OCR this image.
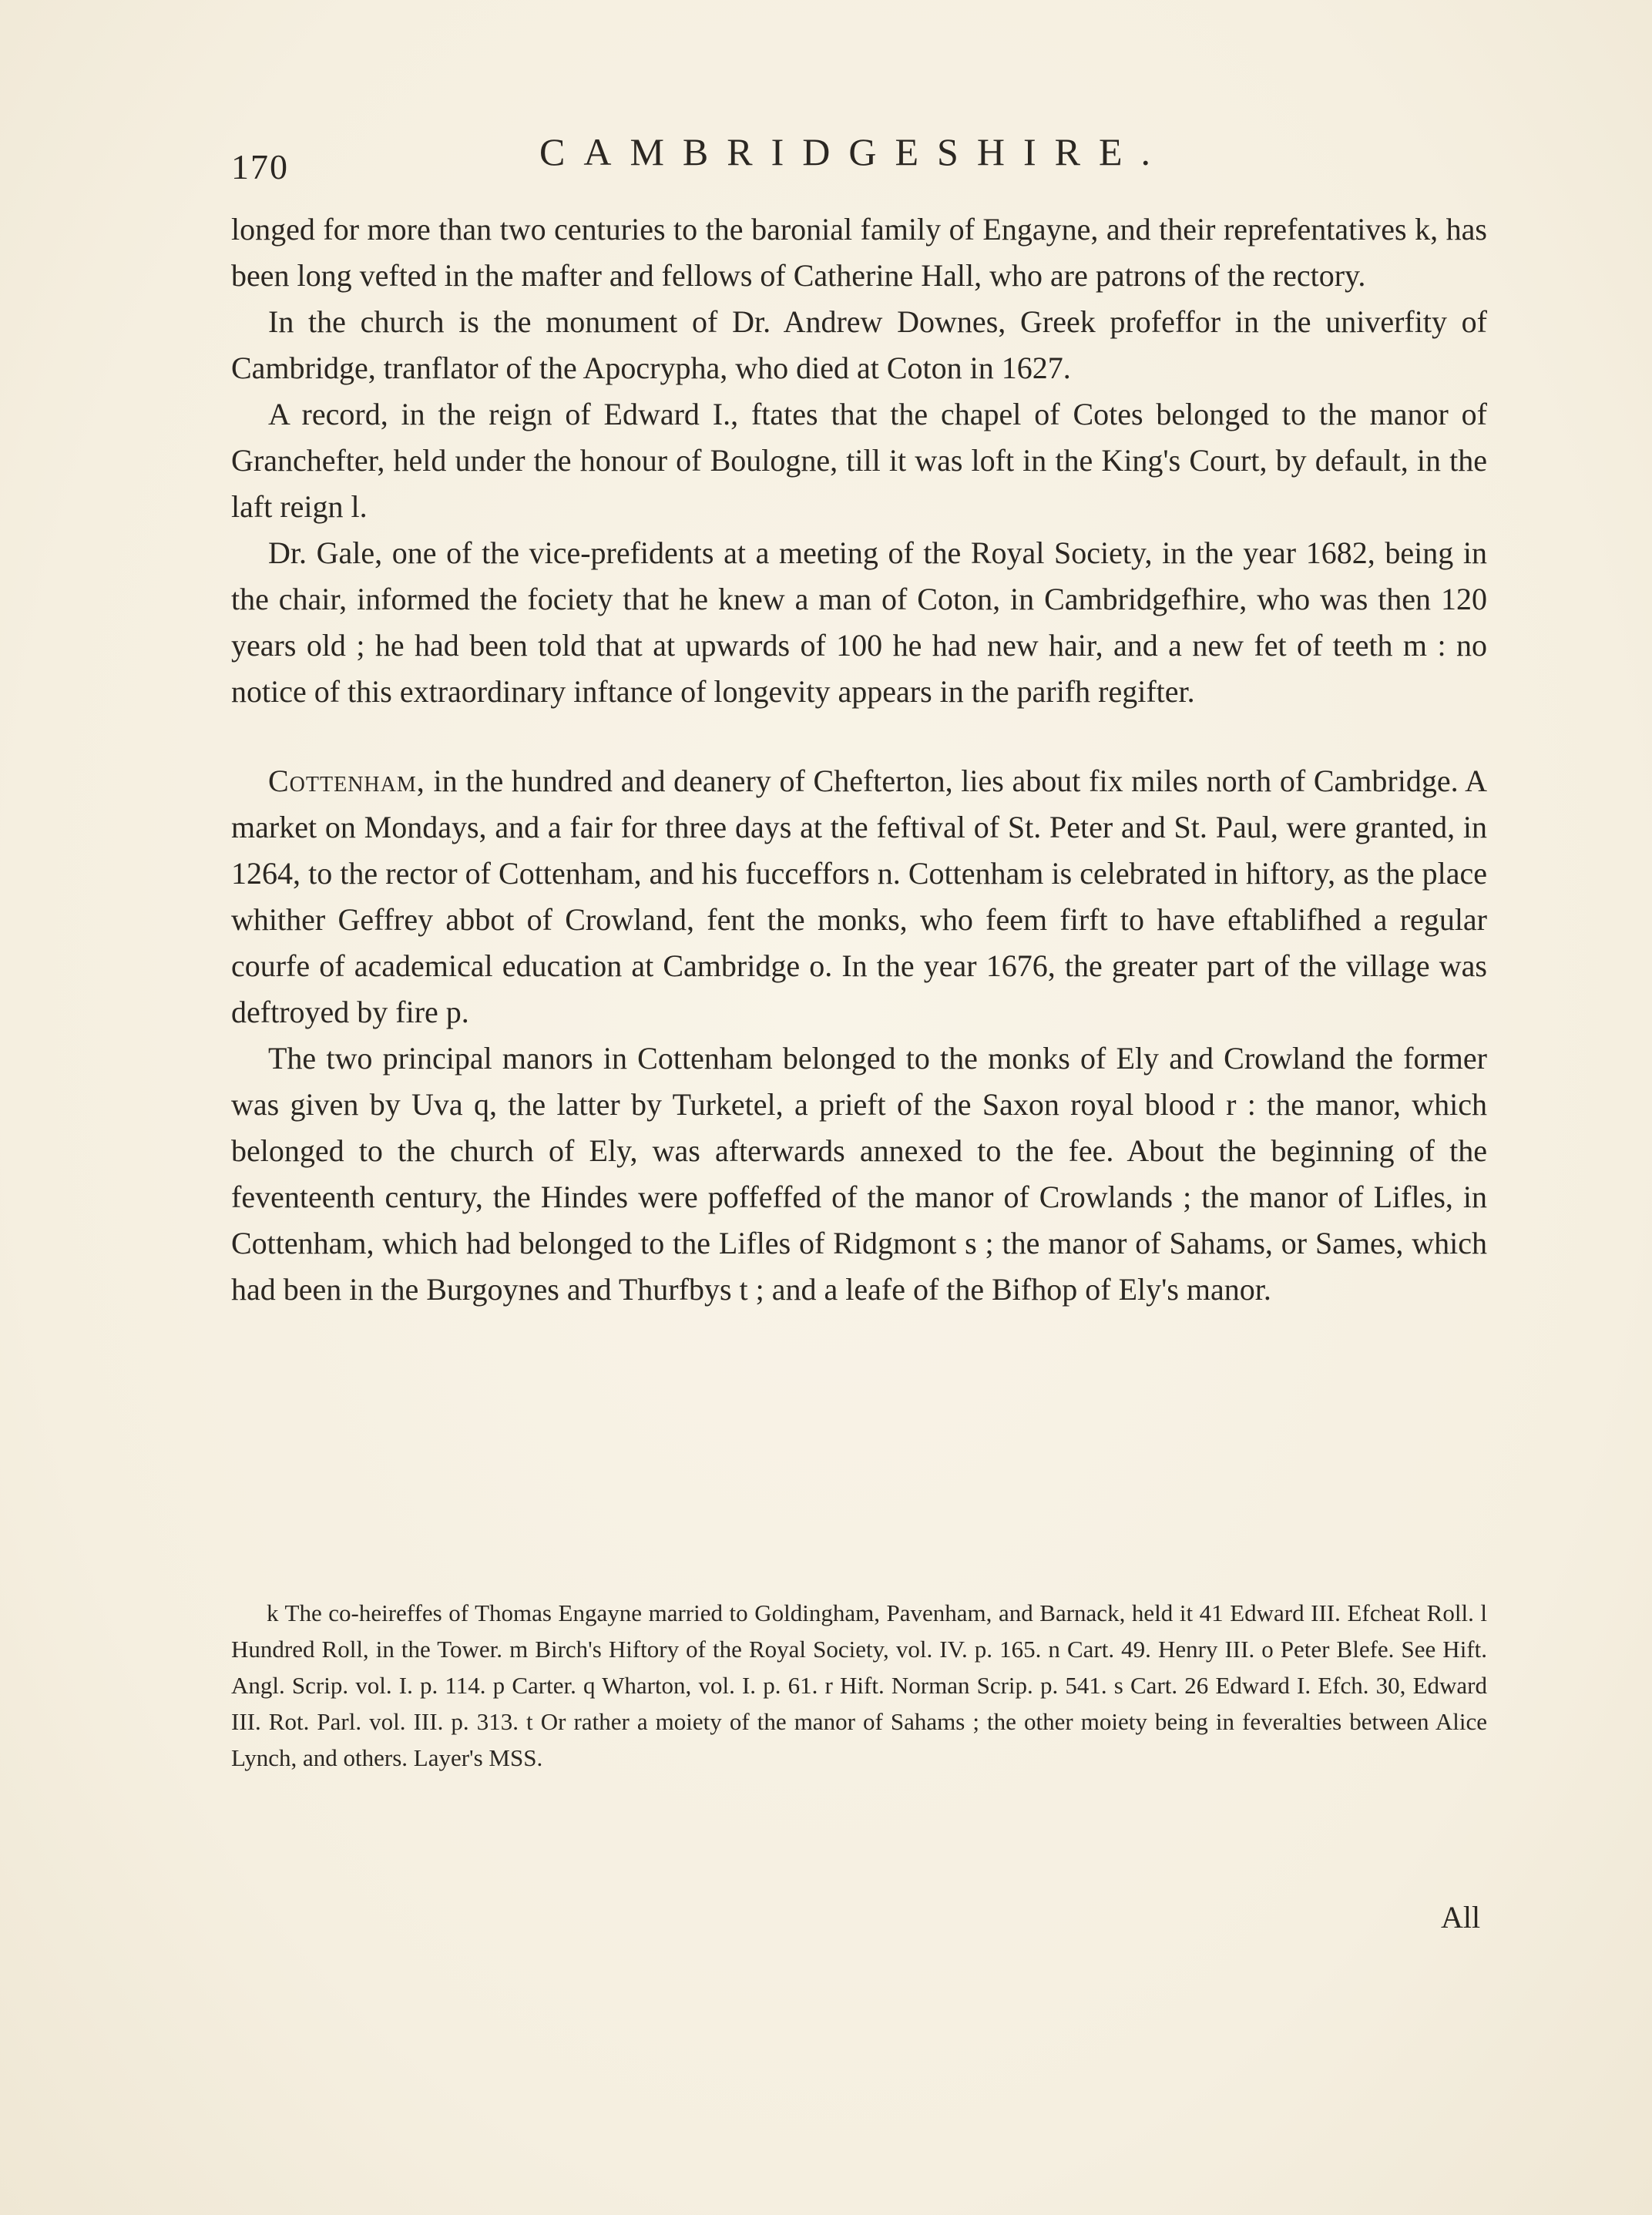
170	CAMBRIDGESHIRE.

longed for more than two centuries to the baronial family of Engayne, and their reprefentatives k, has been long vefted in the mafter and fellows of Catherine Hall, who are patrons of the rectory.

In the church is the monument of Dr. Andrew Downes, Greek profeffor in the univerfity of Cambridge, tranflator of the Apocrypha, who died at Coton in 1627.

A record, in the reign of Edward I., ftates that the chapel of Cotes belonged to the manor of Granchefter, held under the honour of Boulogne, till it was loft in the King's Court, by default, in the laft reign l.

Dr. Gale, one of the vice-prefidents at a meeting of the Royal Society, in the year 1682, being in the chair, informed the fociety that he knew a man of Coton, in Cambridgefhire, who was then 120 years old ; he had been told that at upwards of 100 he had new hair, and a new fet of teeth m : no notice of this extraordinary inftance of longevity appears in the parifh regifter.

Cottenham, in the hundred and deanery of Chefterton, lies about fix miles north of Cambridge. A market on Mondays, and a fair for three days at the feftival of St. Peter and St. Paul, were granted, in 1264, to the rector of Cottenham, and his fucceffors n. Cottenham is celebrated in hiftory, as the place whither Geffrey abbot of Crowland, fent the monks, who feem firft to have eftablifhed a regular courfe of academical education at Cambridge o. In the year 1676, the greater part of the village was deftroyed by fire p.

The two principal manors in Cottenham belonged to the monks of Ely and Crowland the former was given by Uva q, the latter by Turketel, a prieft of the Saxon royal blood r : the manor, which belonged to the church of Ely, was afterwards annexed to the fee. About the beginning of the feventeenth century, the Hindes were poffeffed of the manor of Crowlands ; the manor of Lifles, in Cottenham, which had belonged to the Lifles of Ridgmont s ; the manor of Sahams, or Sames, which had been in the Burgoynes and Thurfbys t ; and a leafe of the Bifhop of Ely's manor.

k The co-heireffes of Thomas Engayne married to Goldingham, Pavenham, and Barnack, held it 41 Edward III. Efcheat Roll. l Hundred Roll, in the Tower. m Birch's Hiftory of the Royal Society, vol. IV. p. 165. n Cart. 49. Henry III. o Peter Blefe. See Hift. Angl. Scrip. vol. I. p. 114. p Carter. q Wharton, vol. I. p. 61. r Hift. Norman Scrip. p. 541. s Cart. 26 Edward I. Efch. 30, Edward III. Rot. Parl. vol. III. p. 313. t Or rather a moiety of the manor of Sahams ; the other moiety being in feveralties between Alice Lynch, and others. Layer's MSS.

All
